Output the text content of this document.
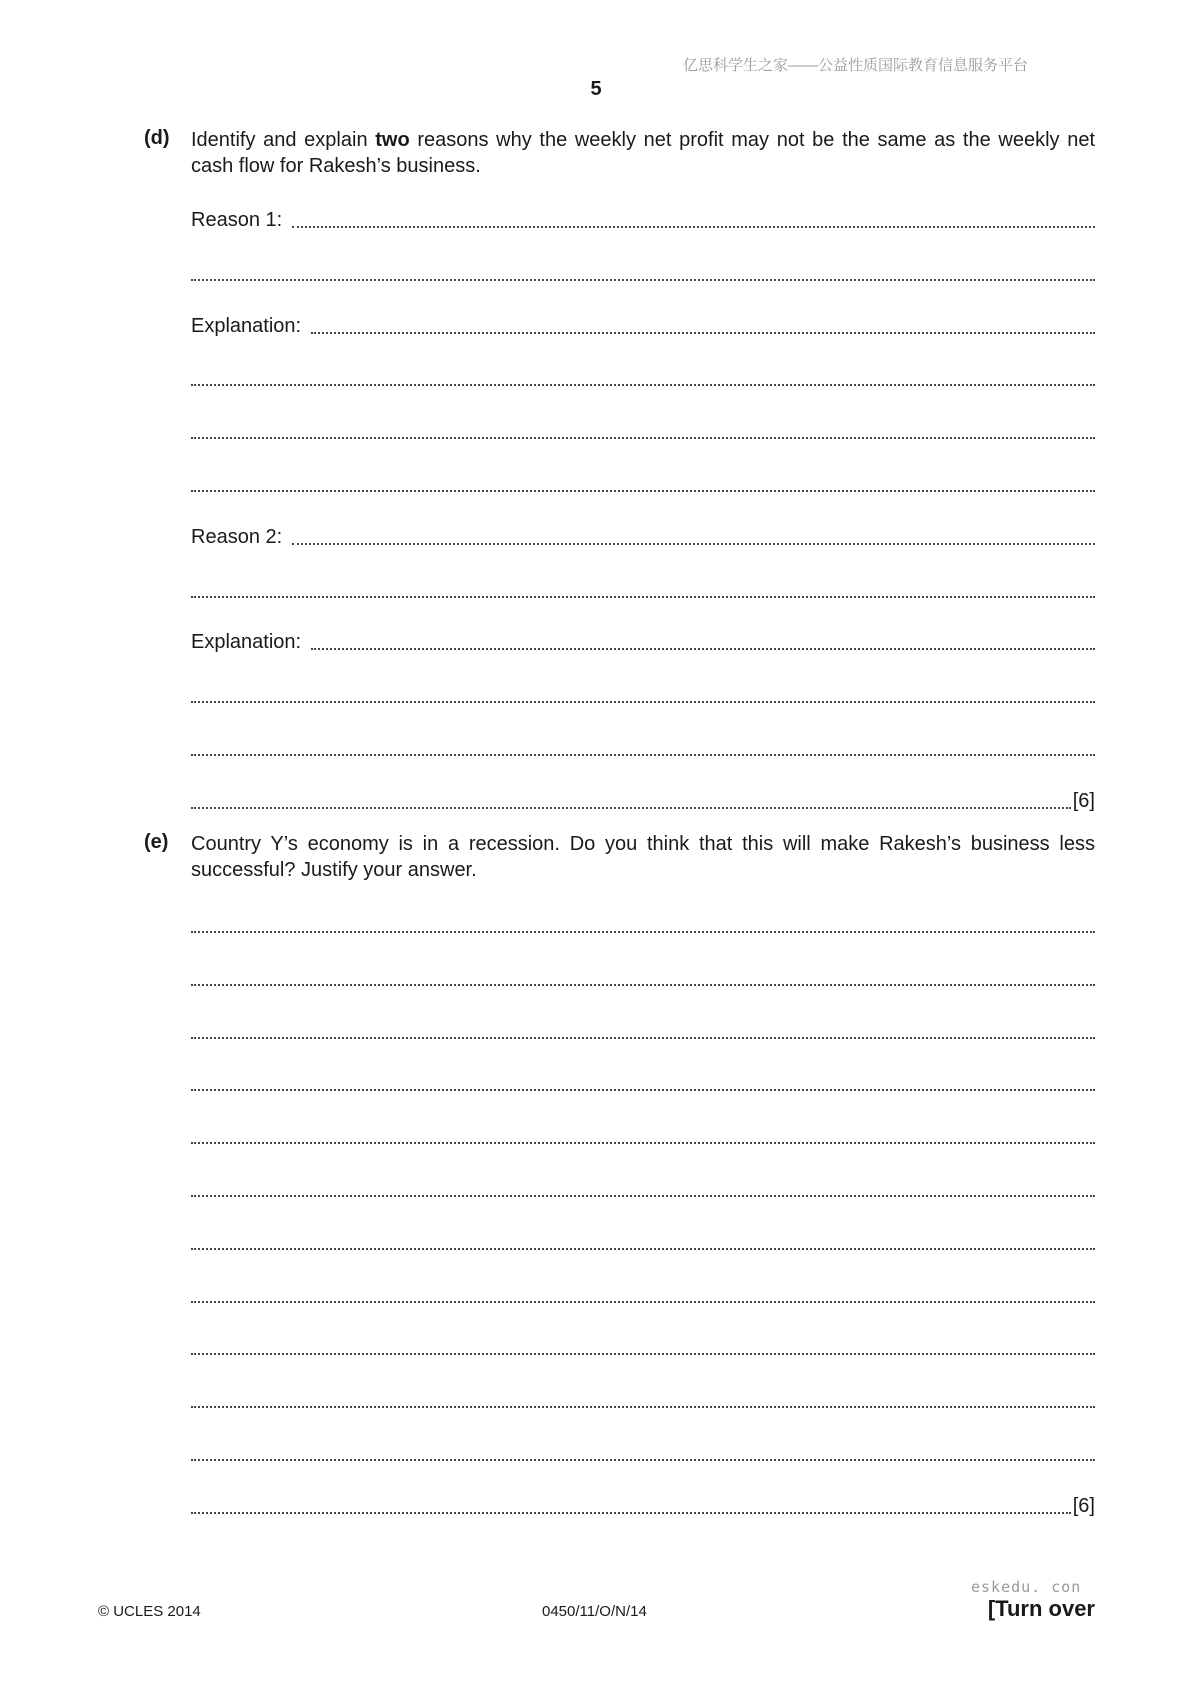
亿思科学生之家——公益性质国际教育信息服务平台
5
(d) Identify and explain two reasons why the weekly net profit may not be the same as the weekly net cash flow for Rakesh’s business.
Reason 1:
Explanation:
Reason 2:
Explanation:
[6]
(e) Country Y’s economy is in a recession. Do you think that this will make Rakesh’s business less successful? Justify your answer.
[6]
© UCLES 2014	0450/11/O/N/14
eskedu. con
[Turn over
